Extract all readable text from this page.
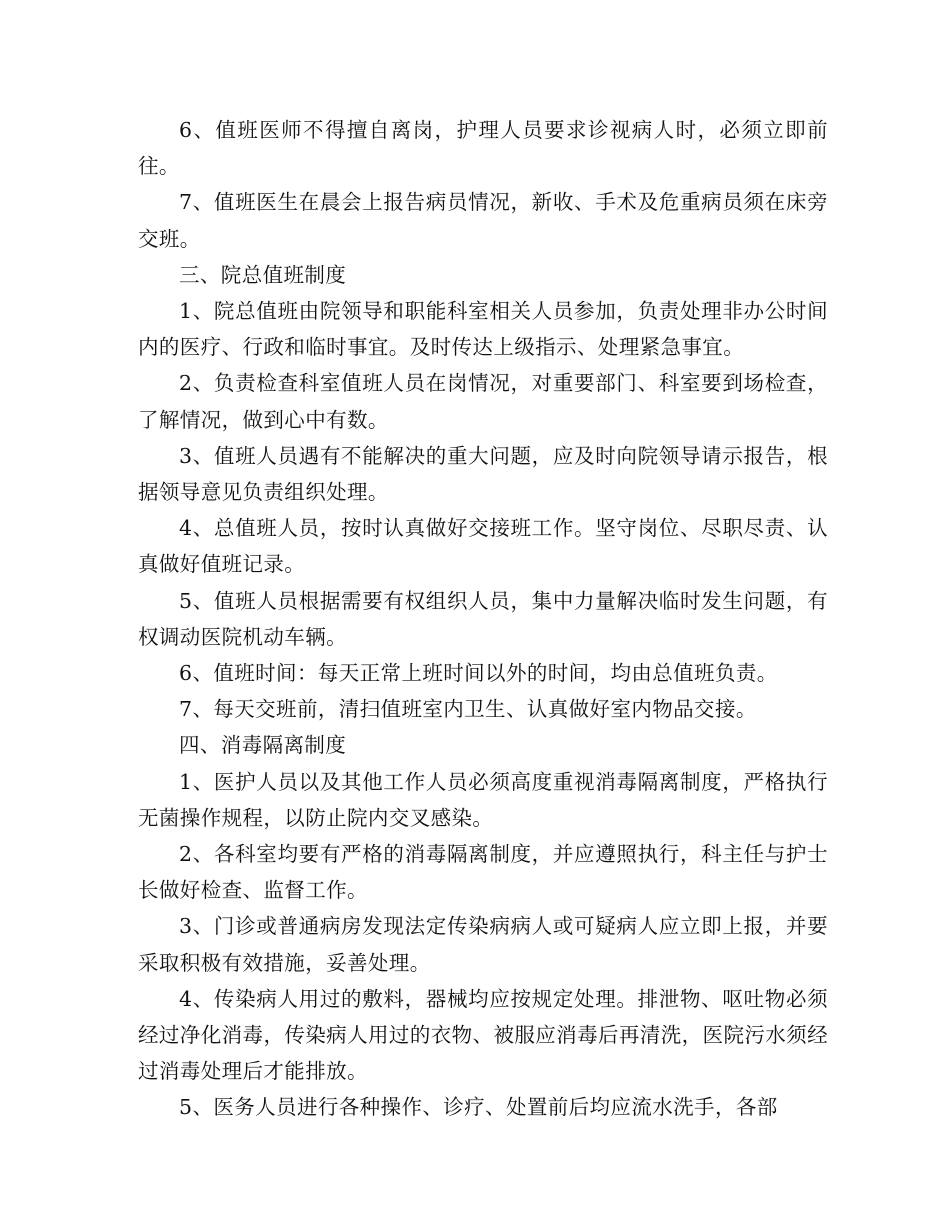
6、值班医师不得擅自离岗，护理人员要求诊视病人时，必须立即前往。

7、值班医生在晨会上报告病员情况，新收、手术及危重病员须在床旁交班。

三、院总值班制度

1、院总值班由院领导和职能科室相关人员参加，负责处理非办公时间内的医疗、行政和临时事宜。及时传达上级指示、处理紧急事宜。

2、负责检查科室值班人员在岗情况，对重要部门、科室要到场检查，了解情况，做到心中有数。

3、值班人员遇有不能解决的重大问题，应及时向院领导请示报告，根据领导意见负责组织处理。

4、总值班人员，按时认真做好交接班工作。坚守岗位、尽职尽责、认真做好值班记录。

5、值班人员根据需要有权组织人员，集中力量解决临时发生问题，有权调动医院机动车辆。

6、值班时间：每天正常上班时间以外的时间，均由总值班负责。

7、每天交班前，清扫值班室内卫生、认真做好室内物品交接。

四、消毒隔离制度

1、医护人员以及其他工作人员必须高度重视消毒隔离制度，严格执行无菌操作规程，以防止院内交叉感染。

2、各科室均要有严格的消毒隔离制度，并应遵照执行，科主任与护士长做好检查、监督工作。

3、门诊或普通病房发现法定传染病病人或可疑病人应立即上报，并要采取积极有效措施，妥善处理。

4、传染病人用过的敷料，器械均应按规定处理。排泄物、呕吐物必须经过净化消毒，传染病人用过的衣物、被服应消毒后再清洗，医院污水须经过消毒处理后才能排放。

5、医务人员进行各种操作、诊疗、处置前后均应流水洗手，各部
